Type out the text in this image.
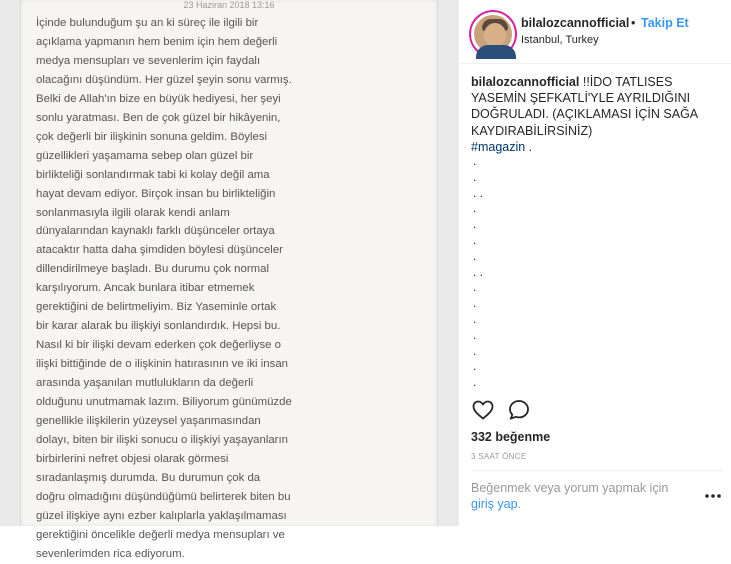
23 Haziran 2018 13:16
İçinde bulunduğum şu an ki süreç ile ilgili bir
açıklama yapmanın hem benim için hem değerli
medya mensupları ve sevenlerim için faydalı
olacağını düşündüm. Her güzel şeyin sonu varmış.
Belki de Allah'ın bize en büyük hediyesi, her şeyi
sonlu yaratması. Ben de çok güzel bir hikâyenin,
çok değerli bir ilişkinin sonuna geldim. Böylesi
güzellikleri yaşamama sebep olan güzel bir
birlikteliği sonlandırmak tabi ki kolay değil ama
hayat devam ediyor. Birçok insan bu birlikteliğin
sonlanmasıyla ilgili olarak kendi anlam
dünyalarından kaynaklı farklı düşünceler ortaya
atacaktır hatta daha şimdiden böylesi düşünceler
dillendirilmeye başladı. Bu durumu çok normal
karşılıyorum. Ancak bunlara itibar etmemek
gerektiğini de belirtmeliyim. Biz Yaseminle ortak
bir karar alarak bu ilişkiyi sonlandırdık. Hepsi bu.
Nasıl ki bir ilişki devam ederken çok değerliyse o
ilişki bittiğinde de o ilişkinin hatırasının ve iki insan
arasında yaşanılan mutlulukların da değerli
olduğunu unutmamak lazım. Biliyorum günümüzde
genellikle ilişkilerin yüzeysel yaşanmasından
dolayı, biten bir ilişki sonucu o ilişkiyi yaşayanların
birbirlerini nefret objesi olarak görmesi
sıradanlaşmış durumda. Bu durumun çok da
doğru olmadığını düşündüğümü belirterek biten bu
güzel ilişkiye aynı ezber kalıplarla yaklaşılmaması
gerektiğini öncelikle değerli medya mensupları ve
sevenlerimden rica ediyorum.
bilalozcannofficial • Takip Et
Istanbul, Turkey
bilalozcannofficial !!İDO TATLISES YASEMİN ŞEFKATLİ'YLE AYRILDIĞINI DOĞRULADI. (AÇIKLAMASI İÇİN SAĞA KAYDIRABİLİRSİNİZ)
#magazin .
.
.
. .
.
.
.
.
. .
.
.
.
.
.
.
.
332 beğenme
3 SAAT ÖNCE
Beğenmek veya yorum yapmak için giriş yap.
